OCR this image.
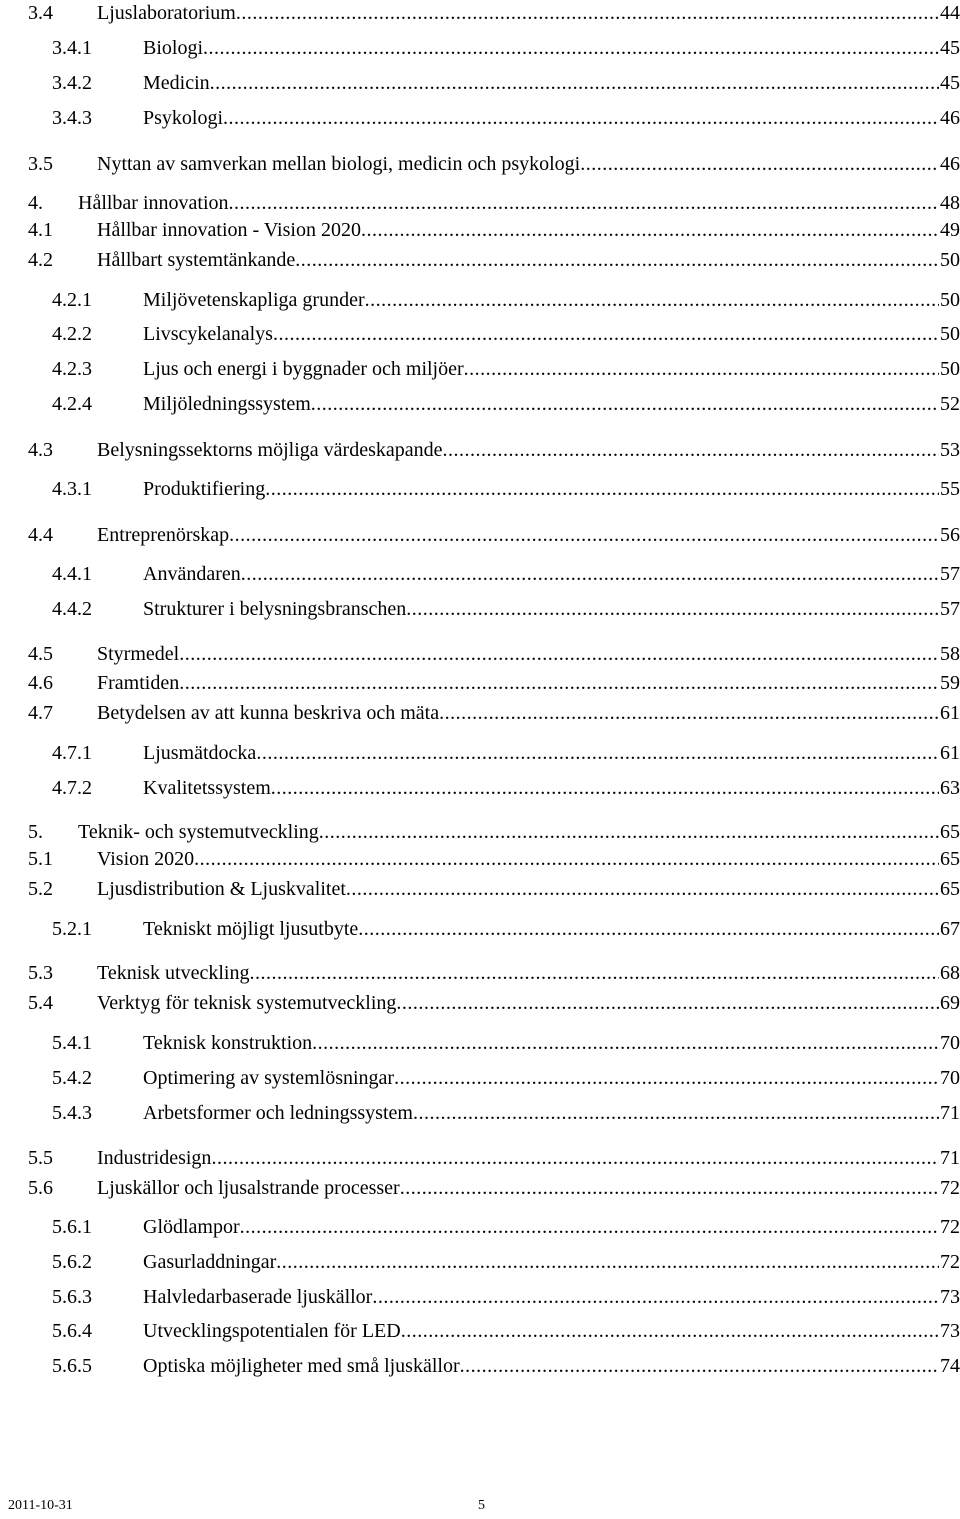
3.4 Ljuslaboratorium .....	44
3.4.1	Biologi .....	45
3.4.2	Medicin .....	45
3.4.3	Psykologi .....	46
3.5 Nyttan av samverkan mellan biologi, medicin och psykologi .....	46
4. Hållbar innovation .....	48
4.1 Hållbar innovation - Vision 2020 .....	49
4.2 Hållbart systemtänkande .....	50
4.2.1	Miljövetenskapliga grunder .....	50
4.2.2	Livscykelanalys .....	50
4.2.3	Ljus och energi i byggnader och miljöer .....	50
4.2.4	Miljöledningssystem .....	52
4.3 Belysningssektorns möjliga värdeskapande .....	53
4.3.1	Produktifiering .....	55
4.4 Entreprenörskap .....	56
4.4.1	Användaren .....	57
4.4.2	Strukturer i belysningsbranschen .....	57
4.5 Styrmedel .....	58
4.6 Framtiden .....	59
4.7 Betydelsen av att kunna beskriva och mäta .....	61
4.7.1	Ljusmätdocka .....	61
4.7.2	Kvalitetssystem .....	63
5. Teknik- och systemutveckling .....	65
5.1 Vision 2020 .....	65
5.2 Ljusdistribution & Ljuskvalitet .....	65
5.2.1	Tekniskt möjligt ljusutbyte .....	67
5.3 Teknisk utveckling .....	68
5.4 Verktyg för teknisk systemutveckling .....	69
5.4.1	Teknisk konstruktion .....	70
5.4.2	Optimering av systemlösningar .....	70
5.4.3	Arbetsformer och ledningssystem .....	71
5.5 Industridesign .....	71
5.6 Ljuskällor och ljusalstrande processer .....	72
5.6.1	Glödlampor .....	72
5.6.2	Gasurladdningar .....	72
5.6.3	Halvledarbaserade ljuskällor .....	73
5.6.4	Utvecklingspotentialen för LED .....	73
5.6.5	Optiska möjligheter med små ljuskällor .....	74
2011-10-31	5
